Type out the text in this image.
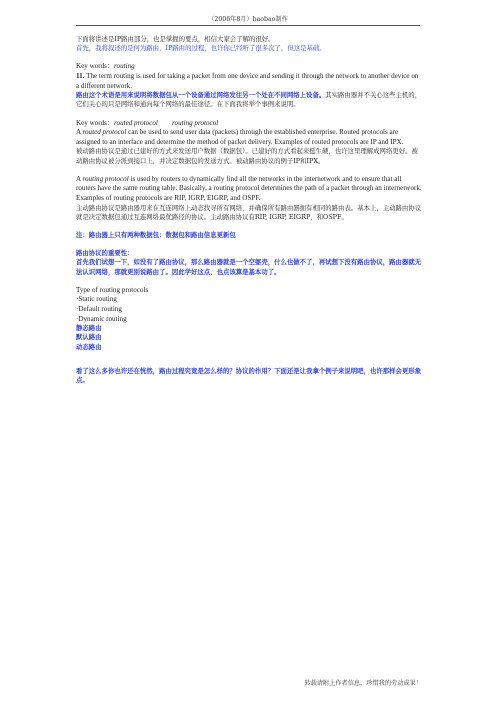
（2006年8月）baobao制作

下面将讲述是IP路由部分，也是掌握的要点，相信大家会了解的很好。

首先，我将叙述的是何为路由，IP路由的过程，也许你已经听了很多次了，但这是基础。

Key words：routing

11. The term routing is used for taking a packet from one device and sending it through the network to another device on a different network.

路由这个术语是用来说明将数据包从一个设备通过网络发往另一个处在不同网络上设备。其实路由器并不关心这些主机的，它们关心的只是网络和通向每个网络的最佳途径。在下面我将举个事例来说明。

Key words：routed protocol routing protocol

A routed protocol can be used to send user data (packets) through the established enterprise. Routed protocols are assigned to an interface and determine the method of packet delivery. Examples of routed protocols are IP and IPX.

被动路由协议是通过已建好的方式来发送用户数据（数据包）。已建好的方式看起来挺生硬，也许这里理解成网络更好。被动路由协议被分派到接口上，并决定数据包的发送方式。被动路由协议的例子IP和IPX。

A routing protocol is used by routers to dynamically find all the networks in the internetwork and to ensure that all routers have the same routing table. Basically, a routing protocol determines the path of a packet through an internetwork. Examples of routing protocols are RIP, IGRP, EIGRP, and OSPF.

主动路由协议是路由器用来在互连网络上动态找寻所有网络，并确保所有路由器拥有相同的路由表。基本上，主动路由协议就是决定数据包通过互连网络最优路径的协议。主动路由协议有RIP, IGRP, EIGRP，和OSPF。

注：路由器上只有两种数据包：数据包和路由信息更新包

路由协议的重要性：

首先我们试想一下，如没有了路由协议，那么路由器就是一个空躯壳，什么也做不了，再试想下没有路由协议，路由器就无法认识网络，那就更别说路由了。因此学好这点，也点该算是基本功了。

Type of routing protocols

·Static routing

·Default routing

·Dynamic routing

静态路由

默认路由

动态路由

看了这么多你也许还在恍然，路由过程究竟是怎么样的？协议的作用？下面还是让我拿个例子来说明吧，也许那样会更形象点。

转载请附上作者信息，珍惜我的劳动成果！
